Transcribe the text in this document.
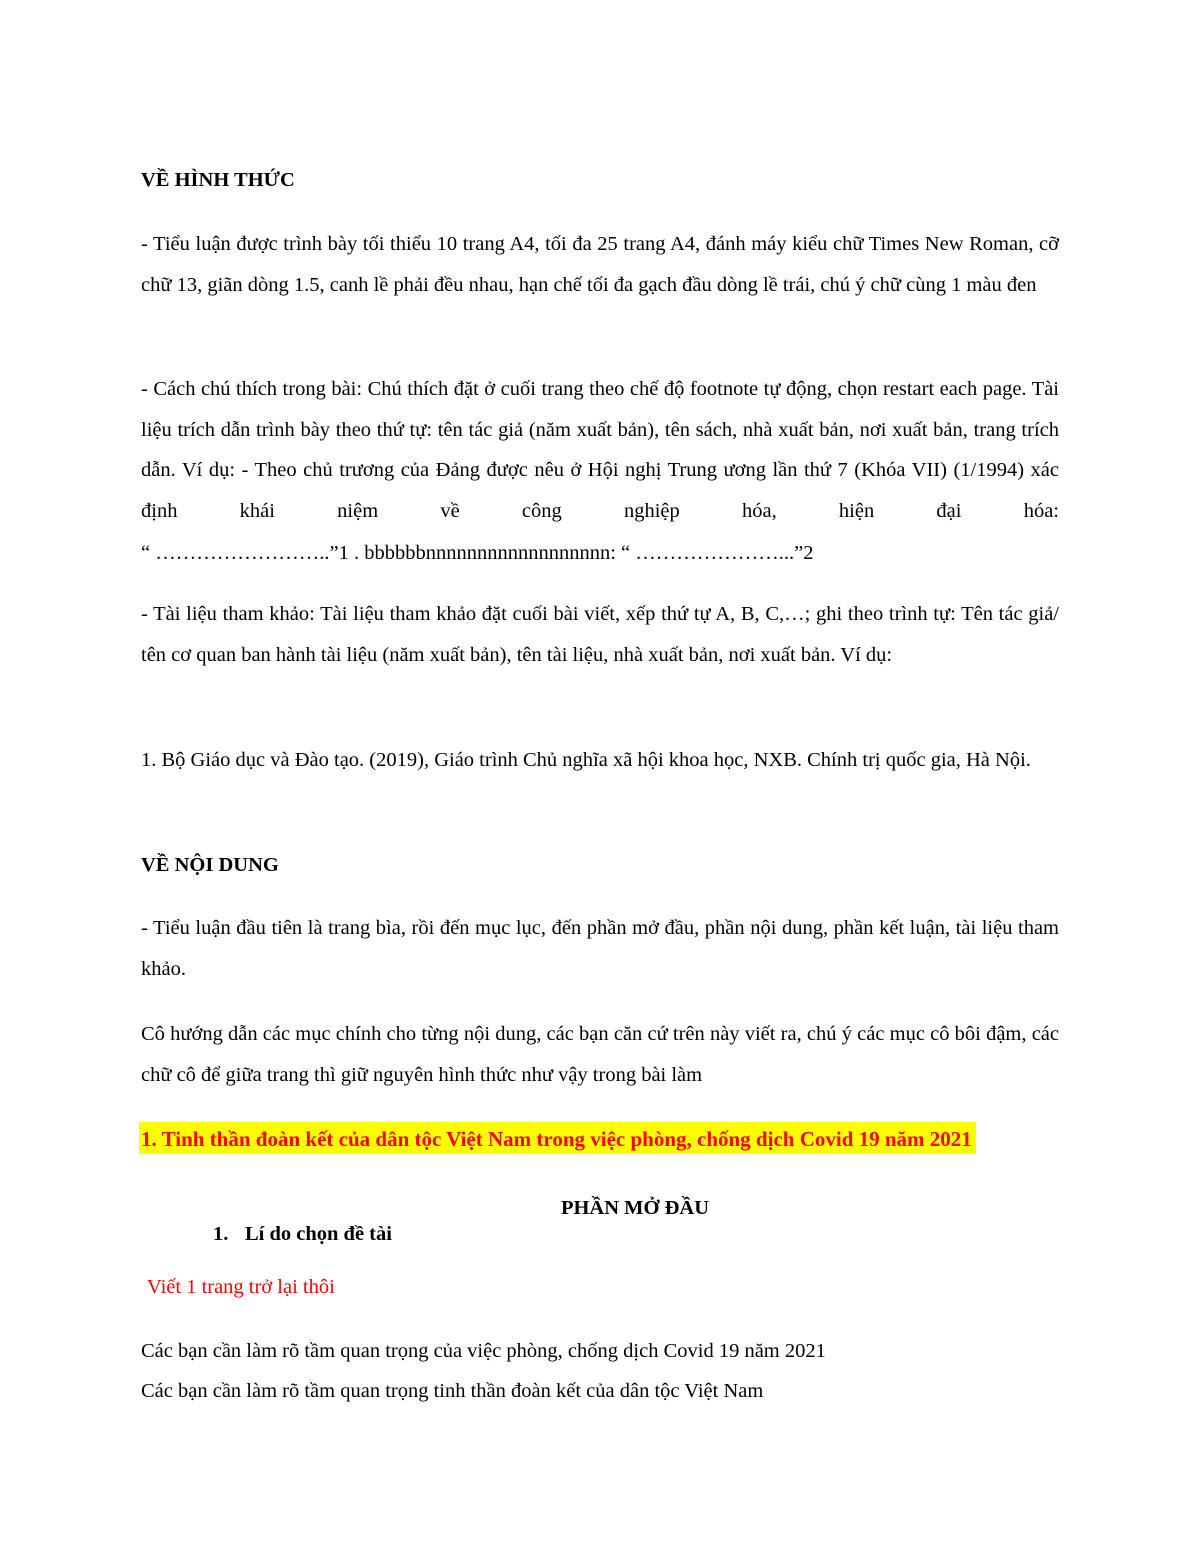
VỀ HÌNH THỨC
- Tiểu luận được trình bày tối thiểu 10 trang A4, tối đa 25 trang A4, đánh máy kiểu chữ Times New Roman, cỡ chữ 13, giãn dòng 1.5, canh lề phải đều nhau, hạn chế tối đa gạch đầu dòng lề trái, chú ý chữ cùng 1 màu đen
- Cách chú thích trong bài: Chú thích đặt ở cuối trang theo chế độ footnote tự động, chọn restart each page. Tài liệu trích dẫn trình bày theo thứ tự: tên tác giả (năm xuất bản), tên sách, nhà xuất bản, nơi xuất bản, trang trích dẫn. Ví dụ: - Theo chủ trương của Đảng được nêu ở Hội nghị Trung ương lần thứ 7 (Khóa VII) (1/1994) xác định khái niệm về công nghiệp hóa, hiện đại hóa:
“ ……………………..”1 . bbbbbbnnnnnnnnnnnnnnnnnn: “ …………………...”2
- Tài liệu tham khảo: Tài liệu tham khảo đặt cuối bài viết, xếp thứ tự A, B, C,…; ghi theo trình tự: Tên tác giả/ tên cơ quan ban hành tài liệu (năm xuất bản), tên tài liệu, nhà xuất bản, nơi xuất bản. Ví dụ:
1. Bộ Giáo dục và Đào tạo. (2019), Giáo trình Chủ nghĩa xã hội khoa học, NXB. Chính trị quốc gia, Hà Nội.
VỀ NỘI DUNG
- Tiểu luận đầu tiên là trang bìa, rồi đến mục lục, đến phần mở đầu, phần nội dung, phần kết luận, tài liệu tham khảo.
Cô hướng dẫn các mục chính cho từng nội dung, các bạn căn cứ trên này viết ra, chú ý các mục cô bôi đậm, các chữ cô để giữa trang thì giữ nguyên hình thức như vậy trong bài làm
1. Tinh thần đoàn kết của dân tộc Việt Nam trong việc phòng, chống dịch Covid 19 năm 2021
PHẦN MỞ ĐẦU
1. Lí do chọn đề tài
Viết 1 trang trở lại thôi
Các bạn cần làm rõ tầm quan trọng của việc phòng, chống dịch Covid 19 năm 2021
Các bạn cần làm rõ tầm quan trọng tinh thần đoàn kết của dân tộc Việt Nam
